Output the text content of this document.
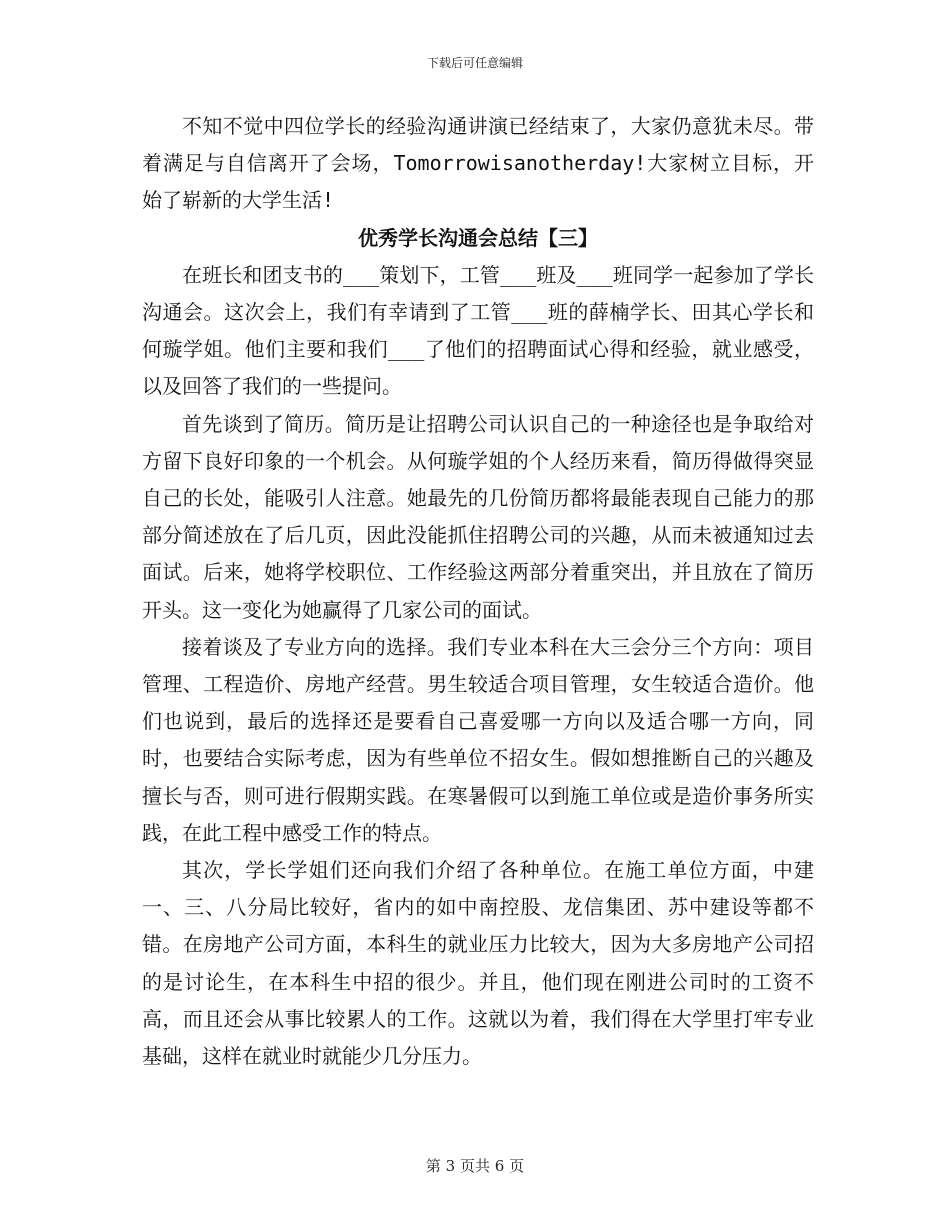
下载后可任意编辑

不知不觉中四位学长的经验沟通讲演已经结束了，大家仍意犹未尽。带着满足与自信离开了会场，Tomorrowisanotherday!大家树立目标，开始了崭新的大学生活!

优秀学长沟通会总结【三】

在班长和团支书的___策划下，工管___班及___班同学一起参加了学长沟通会。这次会上，我们有幸请到了工管___班的薛楠学长、田其心学长和何璇学姐。他们主要和我们___了他们的招聘面试心得和经验，就业感受，以及回答了我们的一些提问。

首先谈到了简历。简历是让招聘公司认识自己的一种途径也是争取给对方留下良好印象的一个机会。从何璇学姐的个人经历来看，简历得做得突显自己的长处，能吸引人注意。她最先的几份简历都将最能表现自己能力的那部分简述放在了后几页，因此没能抓住招聘公司的兴趣，从而未被通知过去面试。后来，她将学校职位、工作经验这两部分着重突出，并且放在了简历开头。这一变化为她赢得了几家公司的面试。

接着谈及了专业方向的选择。我们专业本科在大三会分三个方向：项目管理、工程造价、房地产经营。男生较适合项目管理，女生较适合造价。他们也说到，最后的选择还是要看自己喜爱哪一方向以及适合哪一方向，同时，也要结合实际考虑，因为有些单位不招女生。假如想推断自己的兴趣及擅长与否，则可进行假期实践。在寒暑假可以到施工单位或是造价事务所实践，在此工程中感受工作的特点。

其次，学长学姐们还向我们介绍了各种单位。在施工单位方面，中建一、三、八分局比较好，省内的如中南控股、龙信集团、苏中建设等都不错。在房地产公司方面，本科生的就业压力比较大，因为大多房地产公司招的是讨论生，在本科生中招的很少。并且，他们现在刚进公司时的工资不高，而且还会从事比较累人的工作。这就以为着，我们得在大学里打牢专业基础，这样在就业时就能少几分压力。

第 3 页共 6 页
